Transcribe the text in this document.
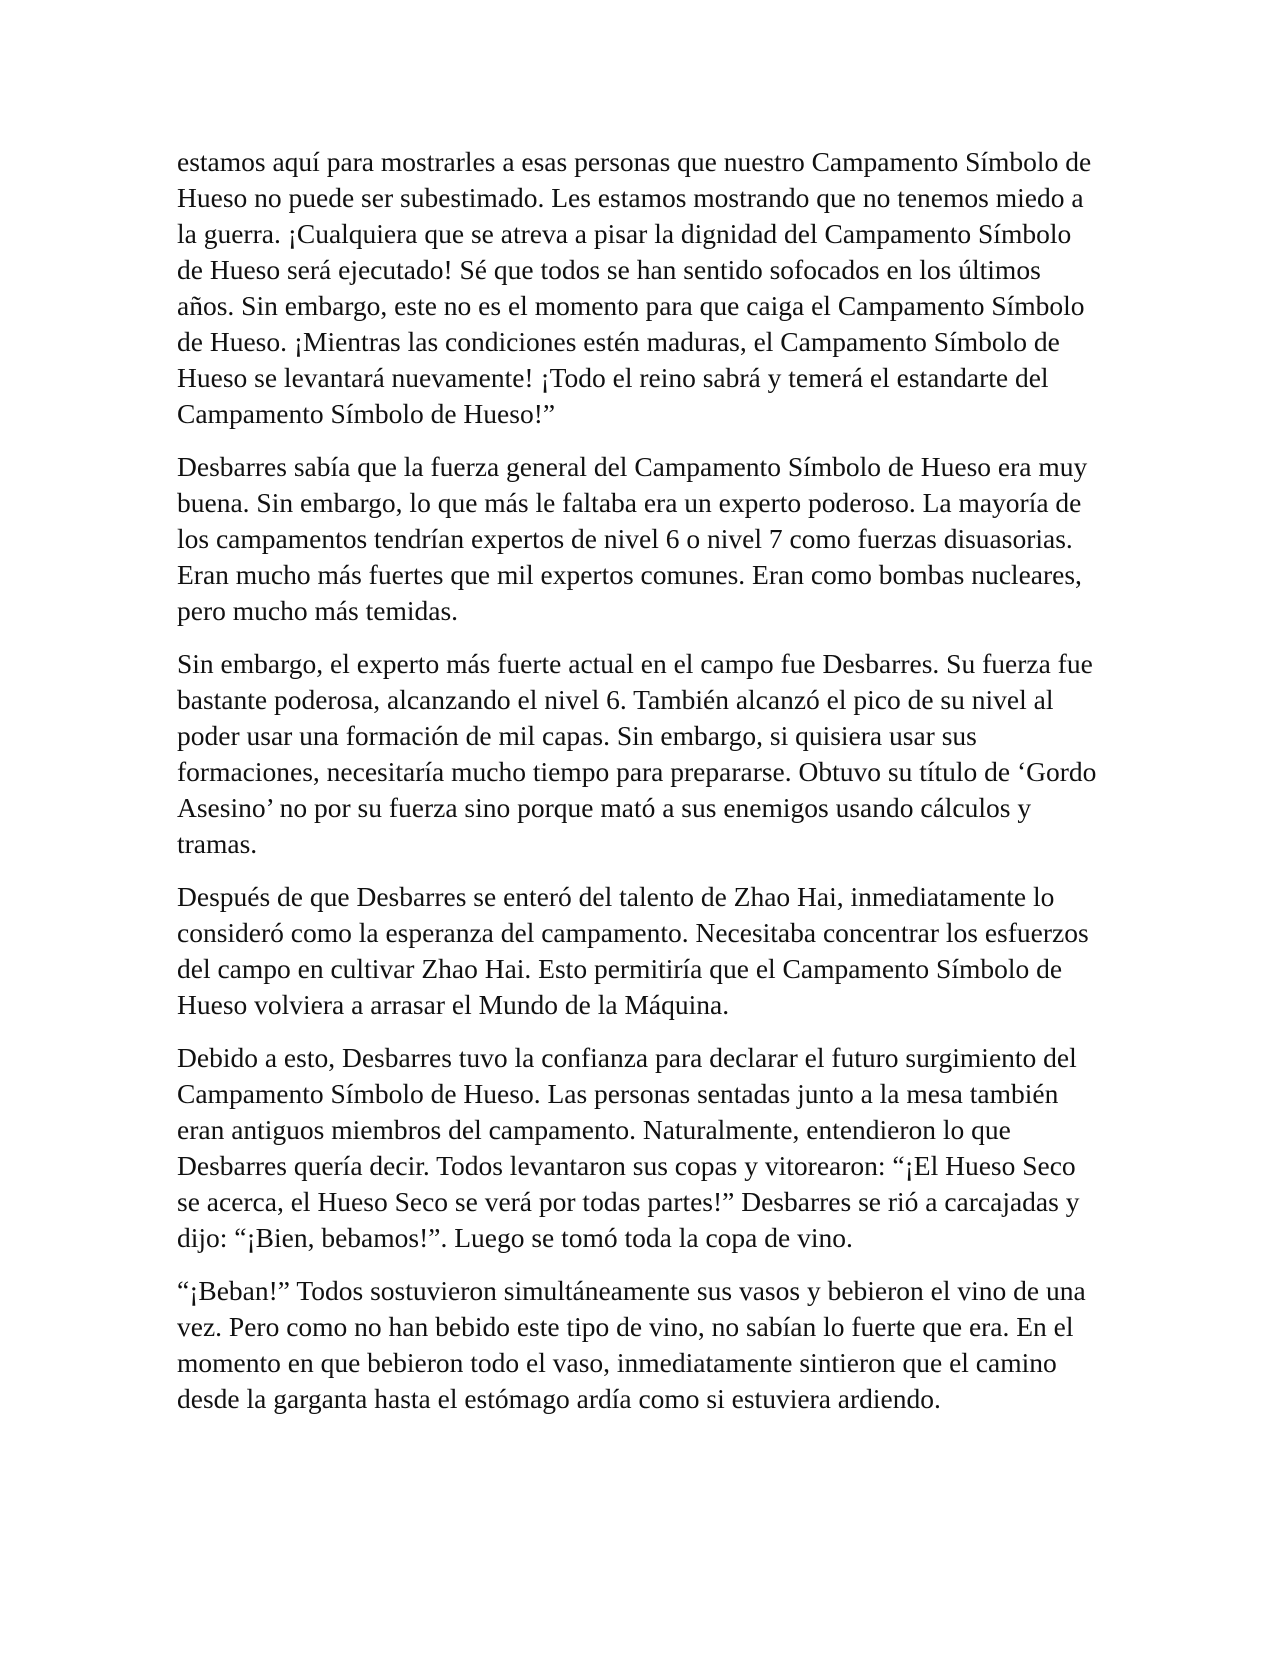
estamos aquí para mostrarles a esas personas que nuestro Campamento Símbolo de Hueso no puede ser subestimado. Les estamos mostrando que no tenemos miedo a la guerra. ¡Cualquiera que se atreva a pisar la dignidad del Campamento Símbolo de Hueso será ejecutado! Sé que todos se han sentido sofocados en los últimos años. Sin embargo, este no es el momento para que caiga el Campamento Símbolo de Hueso. ¡Mientras las condiciones estén maduras, el Campamento Símbolo de Hueso se levantará nuevamente! ¡Todo el reino sabrá y temerá el estandarte del Campamento Símbolo de Hueso!”

Desbarres sabía que la fuerza general del Campamento Símbolo de Hueso era muy buena. Sin embargo, lo que más le faltaba era un experto poderoso. La mayoría de los campamentos tendrían expertos de nivel 6 o nivel 7 como fuerzas disuasorias. Eran mucho más fuertes que mil expertos comunes. Eran como bombas nucleares, pero mucho más temidas.

Sin embargo, el experto más fuerte actual en el campo fue Desbarres. Su fuerza fue bastante poderosa, alcanzando el nivel 6. También alcanzó el pico de su nivel al poder usar una formación de mil capas. Sin embargo, si quisiera usar sus formaciones, necesitaría mucho tiempo para prepararse. Obtuvo su título de ‘Gordo Asesino’ no por su fuerza sino porque mató a sus enemigos usando cálculos y tramas.

Después de que Desbarres se enteró del talento de Zhao Hai, inmediatamente lo consideró como la esperanza del campamento. Necesitaba concentrar los esfuerzos del campo en cultivar Zhao Hai. Esto permitiría que el Campamento Símbolo de Hueso volviera a arrasar el Mundo de la Máquina.

Debido a esto, Desbarres tuvo la confianza para declarar el futuro surgimiento del Campamento Símbolo de Hueso. Las personas sentadas junto a la mesa también eran antiguos miembros del campamento. Naturalmente, entendieron lo que Desbarres quería decir. Todos levantaron sus copas y vitorearon: “¡El Hueso Seco se acerca, el Hueso Seco se verá por todas partes!” Desbarres se rió a carcajadas y dijo: “¡Bien, bebamos!”. Luego se tomó toda la copa de vino.

“¡Beban!” Todos sostuvieron simultáneamente sus vasos y bebieron el vino de una vez. Pero como no han bebido este tipo de vino, no sabían lo fuerte que era. En el momento en que bebieron todo el vaso, inmediatamente sintieron que el camino desde la garganta hasta el estómago ardía como si estuviera ardiendo.
